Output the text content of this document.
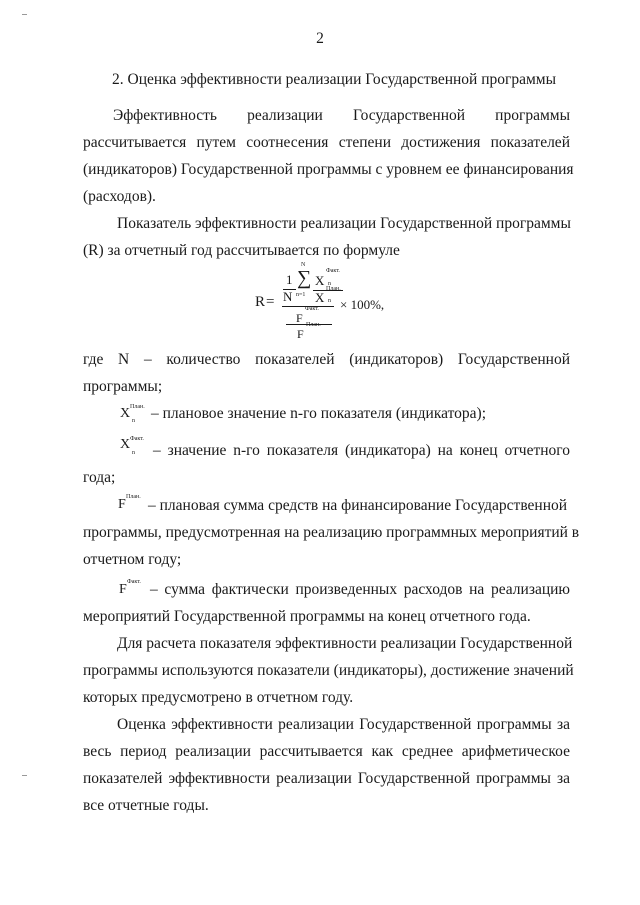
2
2. Оценка эффективности реализации Государственной программы
Эффективность реализации Государственной программы
рассчитывается путем соотнесения степени достижения показателей
(индикаторов) Государственной программы с уровнем ее финансирования
(расходов).
Показатель эффективности реализации Государственной программы
(R) за отчетный год рассчитывается по формуле
R =
1
N
N
∑
n=1
X
Факт.
n
X
План.
n
F
Факт.
F
План.
× 100%,
где N – количество показателей (индикаторов) Государственной
программы;
X План.
n – плановое значение n-го показателя (индикатора);
X Факт.
n – значение n-го показателя (индикатора) на конец отчетного
года;
F План. – плановая сумма средств на финансирование Государственной
программы, предусмотренная на реализацию программных мероприятий в
отчетном году;
F Факт. – сумма фактически произведенных расходов на реализацию
мероприятий Государственной программы на конец отчетного года.
Для расчета показателя эффективности реализации Государственной
программы используются показатели (индикаторы), достижение значений
которых предусмотрено в отчетном году.
Оценка эффективности реализации Государственной программы за
весь период реализации рассчитывается как среднее арифметическое
показателей эффективности реализации Государственной программы за
все отчетные годы.
